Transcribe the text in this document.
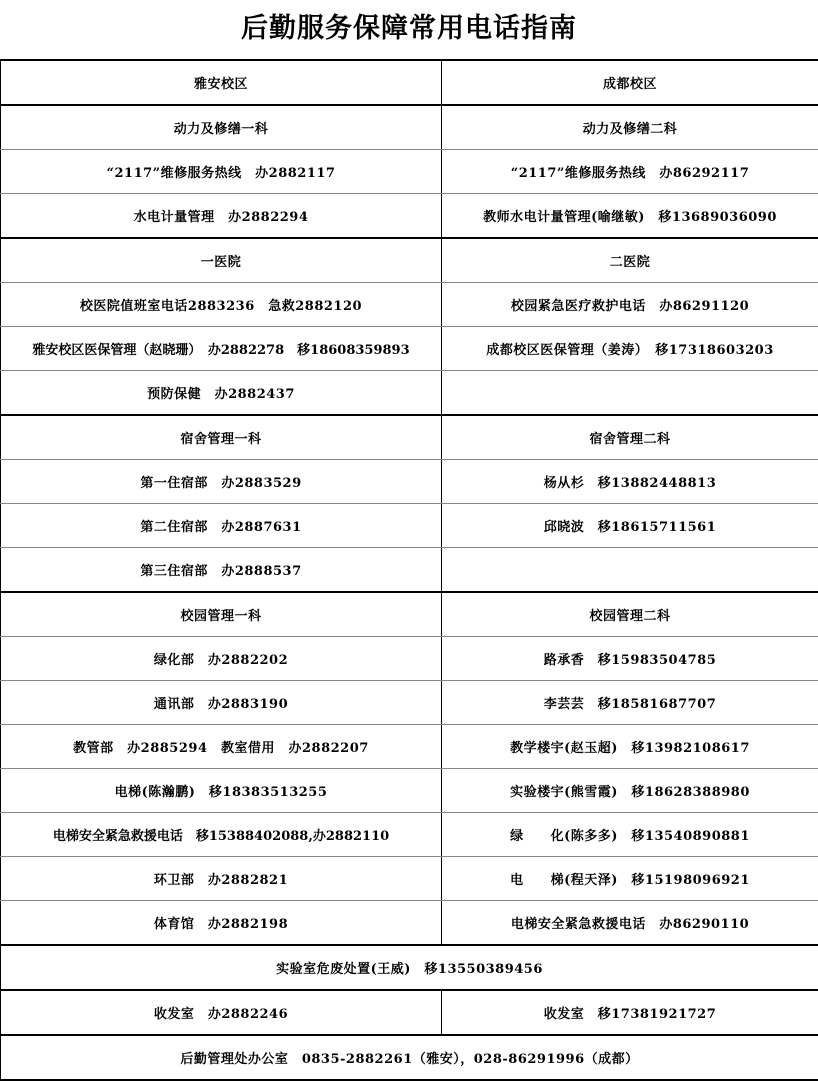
后勤服务保障常用电话指南
雅安校区	成都校区
动力及修缮一科	动力及修缮二科
“2117”维修服务热线　办2882117	“2117”维修服务热线　办86292117
水电计量管理　办2882294	教师水电计量管理(喻继敏)　移13689036090
一医院	二医院
校医院值班室电话2883236　急救2882120	校园紧急医疗救护电话　办86291120
雅安校区医保管理（赵晓珊）　办2882278　移18608359893	成都校区医保管理（姜涛）　移17318603203
预防保健　办2882437	
宿舍管理一科	宿舍管理二科
第一住宿部　办2883529	杨从杉　移13882448813
第二住宿部　办2887631	邱晓波　移18615711561
第三住宿部　办2888537	
校园管理一科	校园管理二科
绿化部　办2882202	路承香　移15983504785
通讯部　办2883190	李芸芸　移18581687707
教管部　办2885294　教室借用　办2882207	教学楼宇(赵玉超)　移13982108617
电梯(陈瀚鹏)　移18383513255	实验楼宇(熊雪霞)　移18628388980
电梯安全紧急救援电话　移15388402088,办2882110	绿　　化(陈多多)　移13540890881
环卫部　办2882821	电　　梯(程天泽)　移15198096921
体育馆　办2882198	电梯安全紧急救援电话　办86290110
实验室危废处置(王威)　移13550389456	
收发室　办2882246	收发室　移17381921727
后勤管理处办公室　0835-2882261（雅安），028-86291996（成都）	
